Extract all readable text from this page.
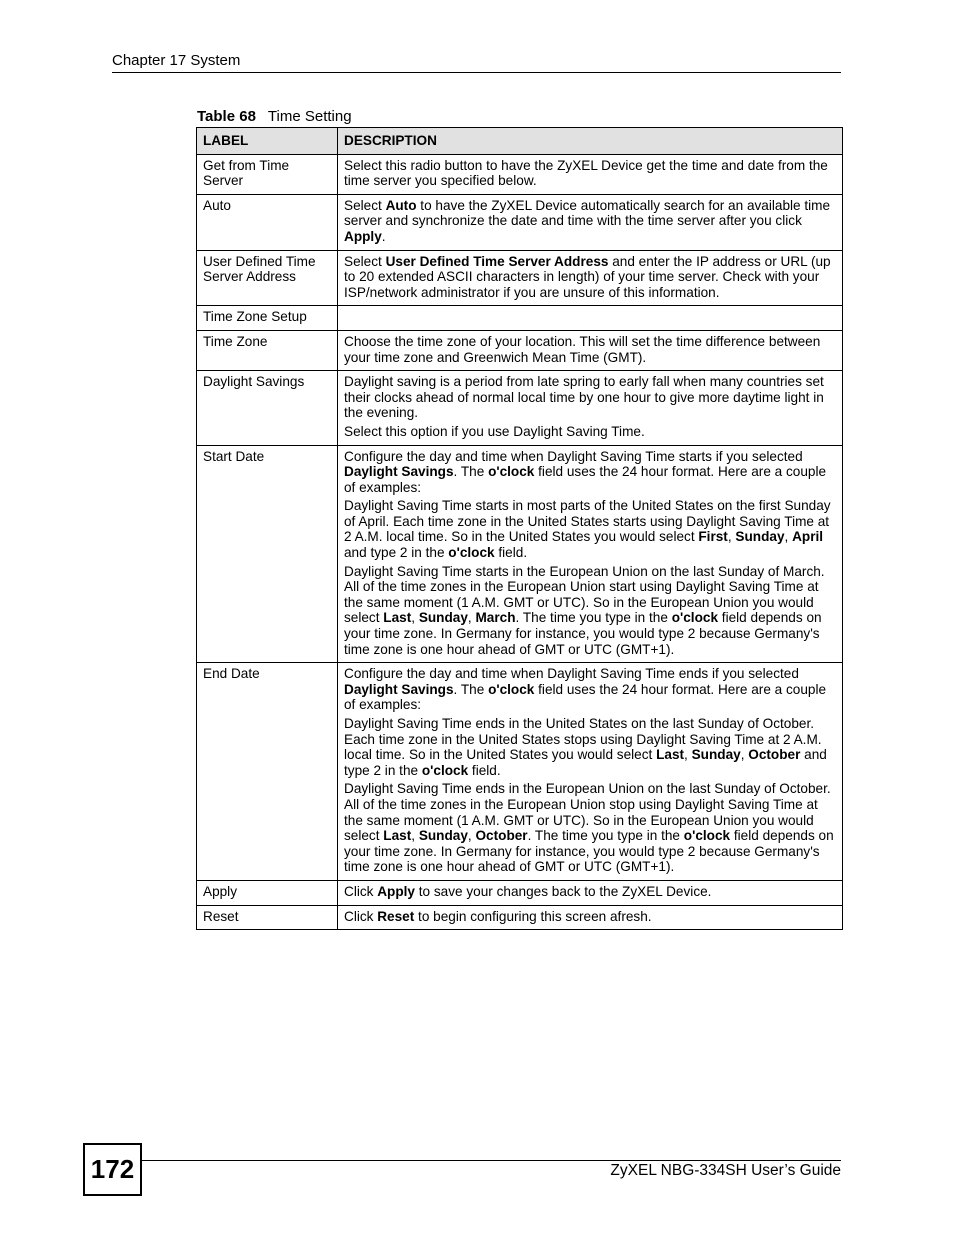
Chapter 17 System
Table 68 Time Setting
LABEL	DESCRIPTION
Get from Time Server	Select this radio button to have the ZyXEL Device get the time and date from the time server you specified below.

Auto	Select Auto to have the ZyXEL Device automatically search for an available time server and synchronize the date and time with the time server after you click Apply.

User Defined Time Server Address	Select User Defined Time Server Address and enter the IP address or URL (up to 20 extended ASCII characters in length) of your time server. Check with your ISP/network administrator if you are unsure of this information.

Time Zone Setup	
Time Zone	Choose the time zone of your location. This will set the time difference between your time zone and Greenwich Mean Time (GMT).

Daylight Savings	Daylight saving is a period from late spring to early fall when many countries set their clocks ahead of normal local time by one hour to give more daytime light in the evening.

Select this option if you use Daylight Saving Time.

Start Date	Configure the day and time when Daylight Saving Time starts if you selected Daylight Savings. The o'clock field uses the 24 hour format. Here are a couple of examples:

Daylight Saving Time starts in most parts of the United States on the first Sunday of April. Each time zone in the United States starts using Daylight Saving Time at 2 A.M. local time. So in the United States you would select First, Sunday, April and type 2 in the o'clock field.

Daylight Saving Time starts in the European Union on the last Sunday of March. All of the time zones in the European Union start using Daylight Saving Time at the same moment (1 A.M. GMT or UTC). So in the European Union you would select Last, Sunday, March. The time you type in the o'clock field depends on your time zone. In Germany for instance, you would type 2 because Germany's time zone is one hour ahead of GMT or UTC (GMT+1).

End Date	Configure the day and time when Daylight Saving Time ends if you selected Daylight Savings. The o'clock field uses the 24 hour format. Here are a couple of examples:

Daylight Saving Time ends in the United States on the last Sunday of October. Each time zone in the United States stops using Daylight Saving Time at 2 A.M. local time. So in the United States you would select Last, Sunday, October and type 2 in the o'clock field.

Daylight Saving Time ends in the European Union on the last Sunday of October. All of the time zones in the European Union stop using Daylight Saving Time at the same moment (1 A.M. GMT or UTC). So in the European Union you would select Last, Sunday, October. The time you type in the o'clock field depends on your time zone. In Germany for instance, you would type 2 because Germany's time zone is one hour ahead of GMT or UTC (GMT+1).

Apply	Click Apply to save your changes back to the ZyXEL Device.

Reset	Click Reset to begin configuring this screen afresh.

172	ZyXEL NBG-334SH User’s Guide
